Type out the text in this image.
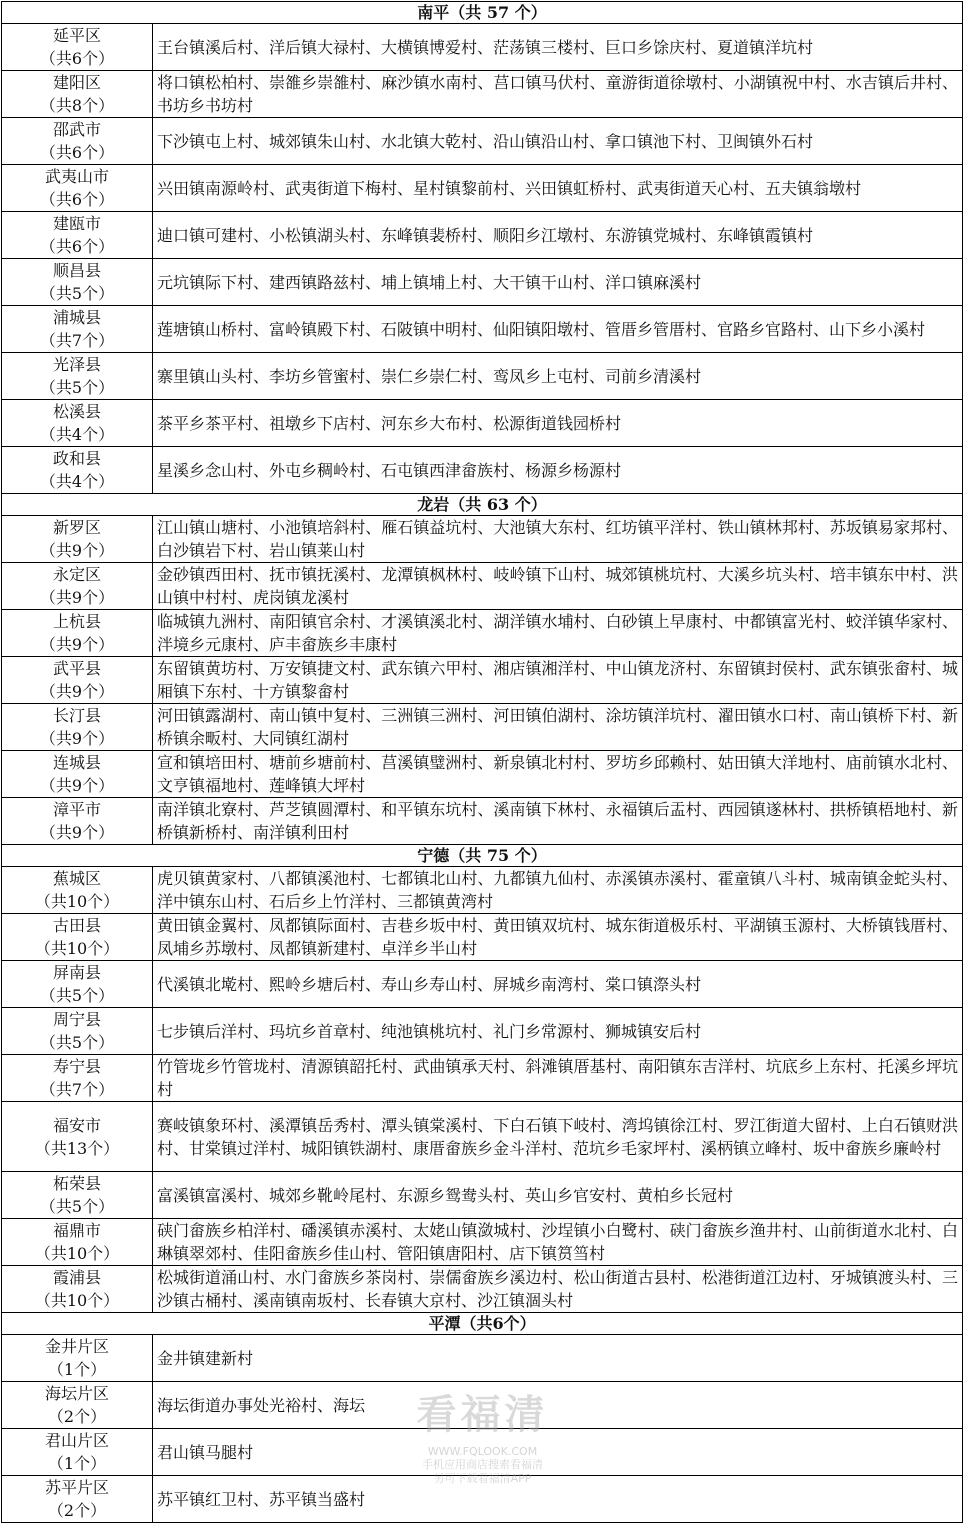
南平（共 57 个）	

延平区
（共6个）	王台镇溪后村、洋后镇大禄村、大横镇博爱村、茫荡镇三楼村、巨口乡馀庆村、夏道镇洋坑村

建阳区
（共8个）	将口镇松柏村、崇雒乡崇雒村、麻沙镇水南村、莒口镇马伏村、童游街道徐墩村、小湖镇祝中村、水吉镇后井村、书坊乡书坊村

邵武市
（共6个）	下沙镇屯上村、城郊镇朱山村、水北镇大乾村、沿山镇沿山村、拿口镇池下村、卫闽镇外石村

武夷山市
（共6个）	兴田镇南源岭村、武夷街道下梅村、星村镇黎前村、兴田镇虹桥村、武夷街道天心村、五夫镇翁墩村

建瓯市
（共6个）	迪口镇可建村、小松镇湖头村、东峰镇裴桥村、顺阳乡江墩村、东游镇党城村、东峰镇霞镇村

顺昌县
（共5个）	元坑镇际下村、建西镇路兹村、埔上镇埔上村、大干镇干山村、洋口镇麻溪村

浦城县
（共7个）	莲塘镇山桥村、富岭镇殿下村、石陂镇中明村、仙阳镇阳墩村、管厝乡管厝村、官路乡官路村、山下乡小溪村

光泽县
（共5个）	寨里镇山头村、李坊乡管蜜村、崇仁乡崇仁村、鸾凤乡上屯村、司前乡清溪村

松溪县
（共4个）	茶平乡茶平村、祖墩乡下店村、河东乡大布村、松源街道钱园桥村

政和县
（共4个）	星溪乡念山村、外屯乡稠岭村、石屯镇西津畲族村、杨源乡杨源村
龙岩（共 63 个）	

新罗区
（共9个）	江山镇山塘村、小池镇培斜村、雁石镇益坑村、大池镇大东村、红坊镇平洋村、铁山镇林邦村、苏坂镇易家邦村、白沙镇岩下村、岩山镇莱山村

永定区
（共9个）	金砂镇西田村、抚市镇抚溪村、龙潭镇枫林村、岐岭镇下山村、城郊镇桃坑村、大溪乡坑头村、培丰镇东中村、洪山镇中村村、虎岗镇龙溪村

上杭县
（共9个）	临城镇九洲村、南阳镇官余村、才溪镇溪北村、湖洋镇水埔村、白砂镇上早康村、中都镇富光村、蛟洋镇华家村、泮境乡元康村、庐丰畲族乡丰康村

武平县
（共9个）	东留镇黄坊村、万安镇捷文村、武东镇六甲村、湘店镇湘洋村、中山镇龙济村、东留镇封侯村、武东镇张畲村、城厢镇下东村、十方镇黎畲村

长汀县
（共9个）	河田镇露湖村、南山镇中复村、三洲镇三洲村、河田镇伯湖村、涂坊镇洋坑村、濯田镇水口村、南山镇桥下村、新桥镇余畈村、大同镇红湖村

连城县
（共9个）	宣和镇培田村、塘前乡塘前村、莒溪镇璧洲村、新泉镇北村村、罗坊乡邱赖村、姑田镇大洋地村、庙前镇水北村、文亨镇福地村、莲峰镇大坪村

漳平市
（共9个）	南洋镇北寮村、芦芝镇圆潭村、和平镇东坑村、溪南镇下林村、永福镇后盂村、西园镇遂林村、拱桥镇梧地村、新桥镇新桥村、南洋镇利田村
宁德（共 75 个）	

蕉城区
（共10个）	虎贝镇黄家村、八都镇溪池村、七都镇北山村、九都镇九仙村、赤溪镇赤溪村、霍童镇八斗村、城南镇金蛇头村、洋中镇东山村、石后乡上竹洋村、三都镇黄湾村

古田县
（共10个）	黄田镇金翼村、凤都镇际面村、吉巷乡坂中村、黄田镇双坑村、城东街道极乐村、平湖镇玉源村、大桥镇钱厝村、凤埔乡苏墩村、凤都镇新建村、卓洋乡半山村

屏南县
（共5个）	代溪镇北墘村、熙岭乡塘后村、寿山乡寿山村、屏城乡南湾村、棠口镇漈头村

周宁县
（共5个）	七步镇后洋村、玛坑乡首章村、纯池镇桃坑村、礼门乡常源村、狮城镇安后村

寿宁县
（共7个）	竹管垅乡竹管垅村、清源镇韶托村、武曲镇承天村、斜滩镇厝基村、南阳镇东吉洋村、坑底乡上东村、托溪乡坪坑村

福安市
（共13个）	赛岐镇象环村、溪潭镇岳秀村、潭头镇棠溪村、下白石镇下岐村、湾坞镇徐江村、罗江街道大留村、上白石镇财洪村、甘棠镇过洋村、城阳镇铁湖村、康厝畲族乡金斗洋村、范坑乡毛家坪村、溪柄镇立峰村、坂中畲族乡廉岭村

柘荣县
（共5个）	富溪镇富溪村、城郊乡靴岭尾村、东源乡鸳鸯头村、英山乡官安村、黄柏乡长冠村

福鼎市
（共10个）	硖门畲族乡柏洋村、磻溪镇赤溪村、太姥山镇潋城村、沙埕镇小白鹭村、硖门畲族乡渔井村、山前街道水北村、白琳镇翠郊村、佳阳畲族乡佳山村、管阳镇唐阳村、店下镇筼筜村

霞浦县
（共10个）	松城街道涌山村、水门畲族乡茶岗村、崇儒畲族乡溪边村、松山街道古县村、松港街道江边村、牙城镇渡头村、三沙镇古桶村、溪南镇南坂村、长春镇大京村、沙江镇涸头村
平潭（共6个）	

金井片区
（1个）	金井镇建新村

海坛片区
（2个）	海坛街道办事处光裕村、海坛

君山片区
（1个）	君山镇马腿村

苏平片区
（2个）	苏平镇红卫村、苏平镇当盛村
看福清
WWW.FQLOOK.COM
手机应用商店搜索看福清
另可下载看福清APP
